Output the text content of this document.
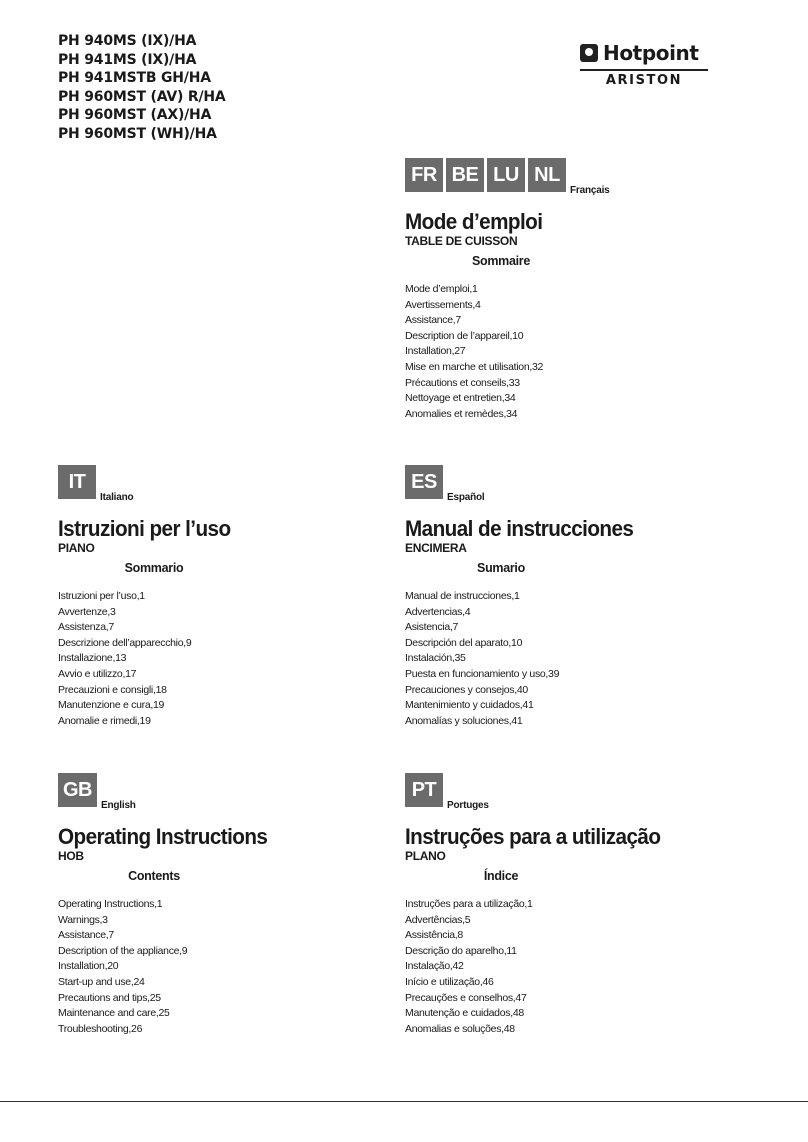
PH 940MS (IX)/HA
PH 941MS (IX)/HA
PH 941MSTB GH/HA
PH 960MST (AV) R/HA
PH 960MST (AX)/HA
PH 960MST (WH)/HA
Hotpoint
ARISTON
FR BE LU NL
Français
Mode d’emploi
TABLE DE CUISSON
Sommaire
Mode d’emploi,1
Avertissements,4
Assistance,7
Description de l’appareil,10
Installation,27
Mise en marche et utilisation,32
Précautions et conseils,33
Nettoyage et entretien,34
Anomalies et remèdes,34
IT
Italiano
Istruzioni per l’uso
PIANO
Sommario
Istruzioni per l’uso,1
Avvertenze,3
Assistenza,7
Descrizione dell’apparecchio,9
Installazione,13
Avvio e utilizzo,17
Precauzioni e consigli,18
Manutenzione e cura,19
Anomalie e rimedi,19
ES
Español
Manual de instrucciones
ENCIMERA
Sumario
Manual de instrucciones,1
Advertencias,4
Asistencia,7
Descripción del aparato,10
Instalación,35
Puesta en funcionamiento y uso,39
Precauciones y consejos,40
Mantenimiento y cuidados,41
Anomalías y soluciones,41
GB
English
Operating Instructions
HOB
Contents
Operating Instructions,1
Warnings,3
Assistance,7
Description of the appliance,9
Installation,20
Start-up and use,24
Precautions and tips,25
Maintenance and care,25
Troubleshooting,26
PT
Portuges
Instruções para a utilização
PLANO
Índice
Instruções para a utilização,1
Advertências,5
Assistência,8
Descrição do aparelho,11
Instalação,42
Início e utilização,46
Precauções e conselhos,47
Manutenção e cuidados,48
Anomalias e soluções,48
